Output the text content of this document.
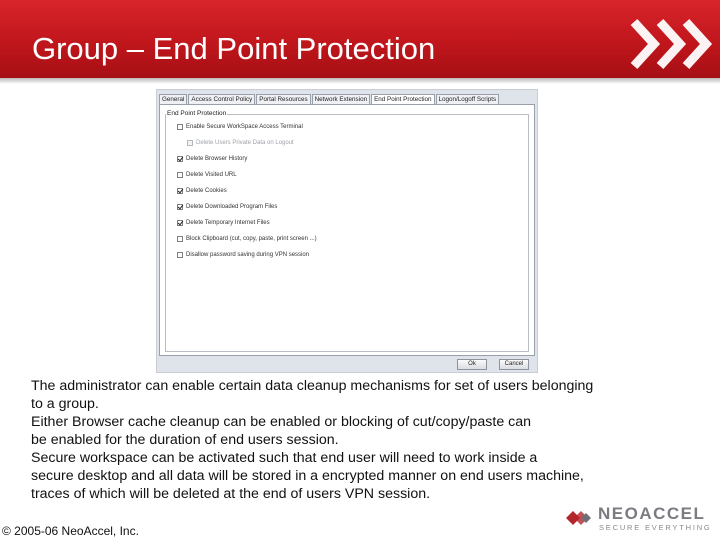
Group – End Point Protection
General	Access Control Policy	Portal Resources	Network Extension	End Point Protection	Logon/Logoff Scripts
End Point Protection
Enable Secure WorkSpace Access Terminal
Delete Users Private Data on Logout
Delete Browser History
Delete Visited URL
Delete Cookies
Delete Downloaded Program Files
Delete Temporary Internet Files
Block Clipboard (cut, copy, paste, print screen ...)
Disallow password saving during VPN session
Ok	Cancel

The administrator can enable certain data cleanup mechanisms for set of users belonging

to a group.

Either Browser cache cleanup can be enabled or blocking of cut/copy/paste can

be enabled for the duration of end users session.

Secure workspace can be activated such that end user will need to work inside a

secure desktop and all data will be stored in a encrypted manner on end users machine,

traces of which will be deleted at the end of users VPN session.

© 2005-06 NeoAccel, Inc.
NEOACCEL
SECURE EVERYTHING
